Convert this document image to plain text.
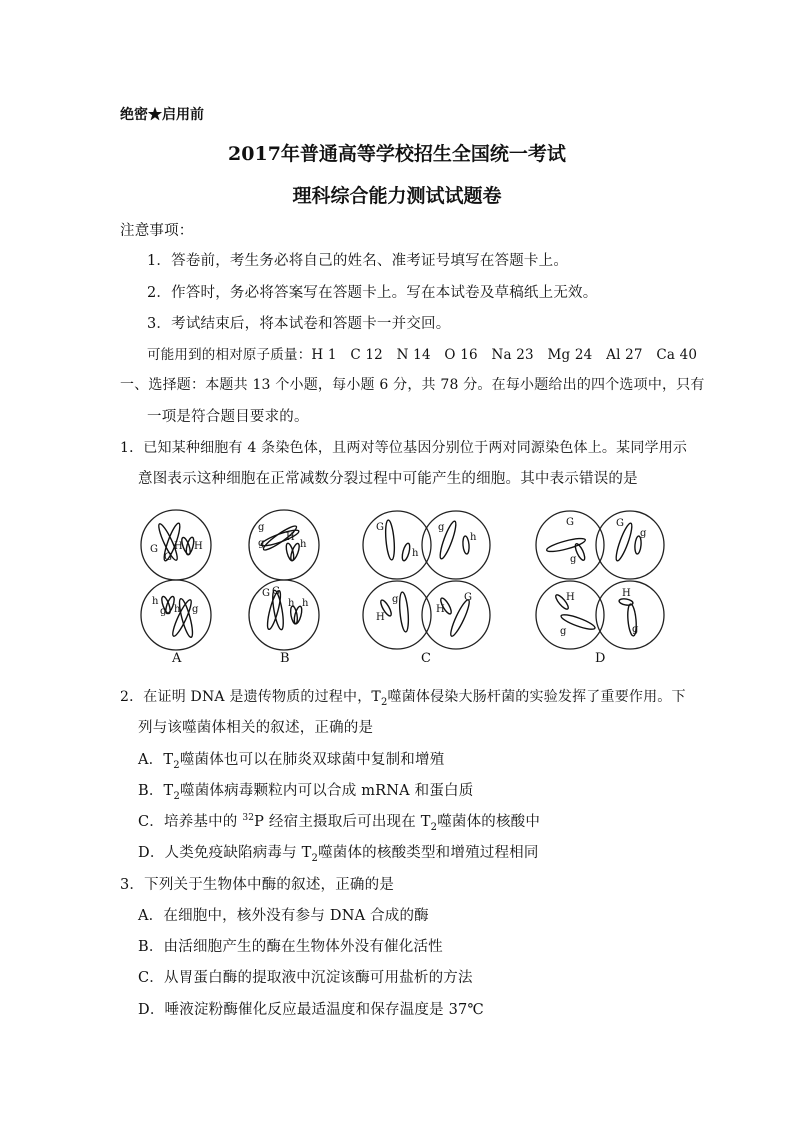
绝密★启用前
2017年普通高等学校招生全国统一考试
理科综合能力测试试题卷
注意事项：
1．答卷前，考生务必将自己的姓名、准考证号填写在答题卡上。
2．作答时，务必将答案写在答题卡上。写在本试卷及草稿纸上无效。
3．考试结束后，将本试卷和答题卡一并交回。
可能用到的相对原子质量：H 1　C 12　N 14　O 16　Na 23　Mg 24　Al 27　Ca 40
一、选择题：本题共 13 个小题，每小题 6 分，共 78 分。在每小题给出的四个选项中，只有
一项是符合题目要求的。
1．已知某种细胞有 4 条染色体，且两对等位基因分别位于两对同源染色体上。某同学用示
意图表示这种细胞在正常减数分裂过程中可能产生的细胞。其中表示错误的是
G
G
H H
h
g h g
g
g
H
h
G G
h h
G
h
g
h
H
g
H
G
G
g
G
g
H
g
H
g
A	B	C	D
2．在证明 DNA 是遗传物质的过程中，$T_2$噬菌体侵染大肠杆菌的实验发挥了重要作用。下
列与该噬菌体相关的叙述，正确的是
A．$T_2$噬菌体也可以在肺炎双球菌中复制和增殖
B．$T_2$噬菌体病毒颗粒内可以合成 mRNA 和蛋白质
C．培养基中的 $^{32}$P 经宿主摄取后可出现在 $T_2$噬菌体的核酸中
D．人类免疫缺陷病毒与 $T_2$噬菌体的核酸类型和增殖过程相同
3．下列关于生物体中酶的叙述，正确的是
A．在细胞中，核外没有参与 DNA 合成的酶
B．由活细胞产生的酶在生物体外没有催化活性
C．从胃蛋白酶的提取液中沉淀该酶可用盐析的方法
D．唾液淀粉酶催化反应最适温度和保存温度是 37℃
